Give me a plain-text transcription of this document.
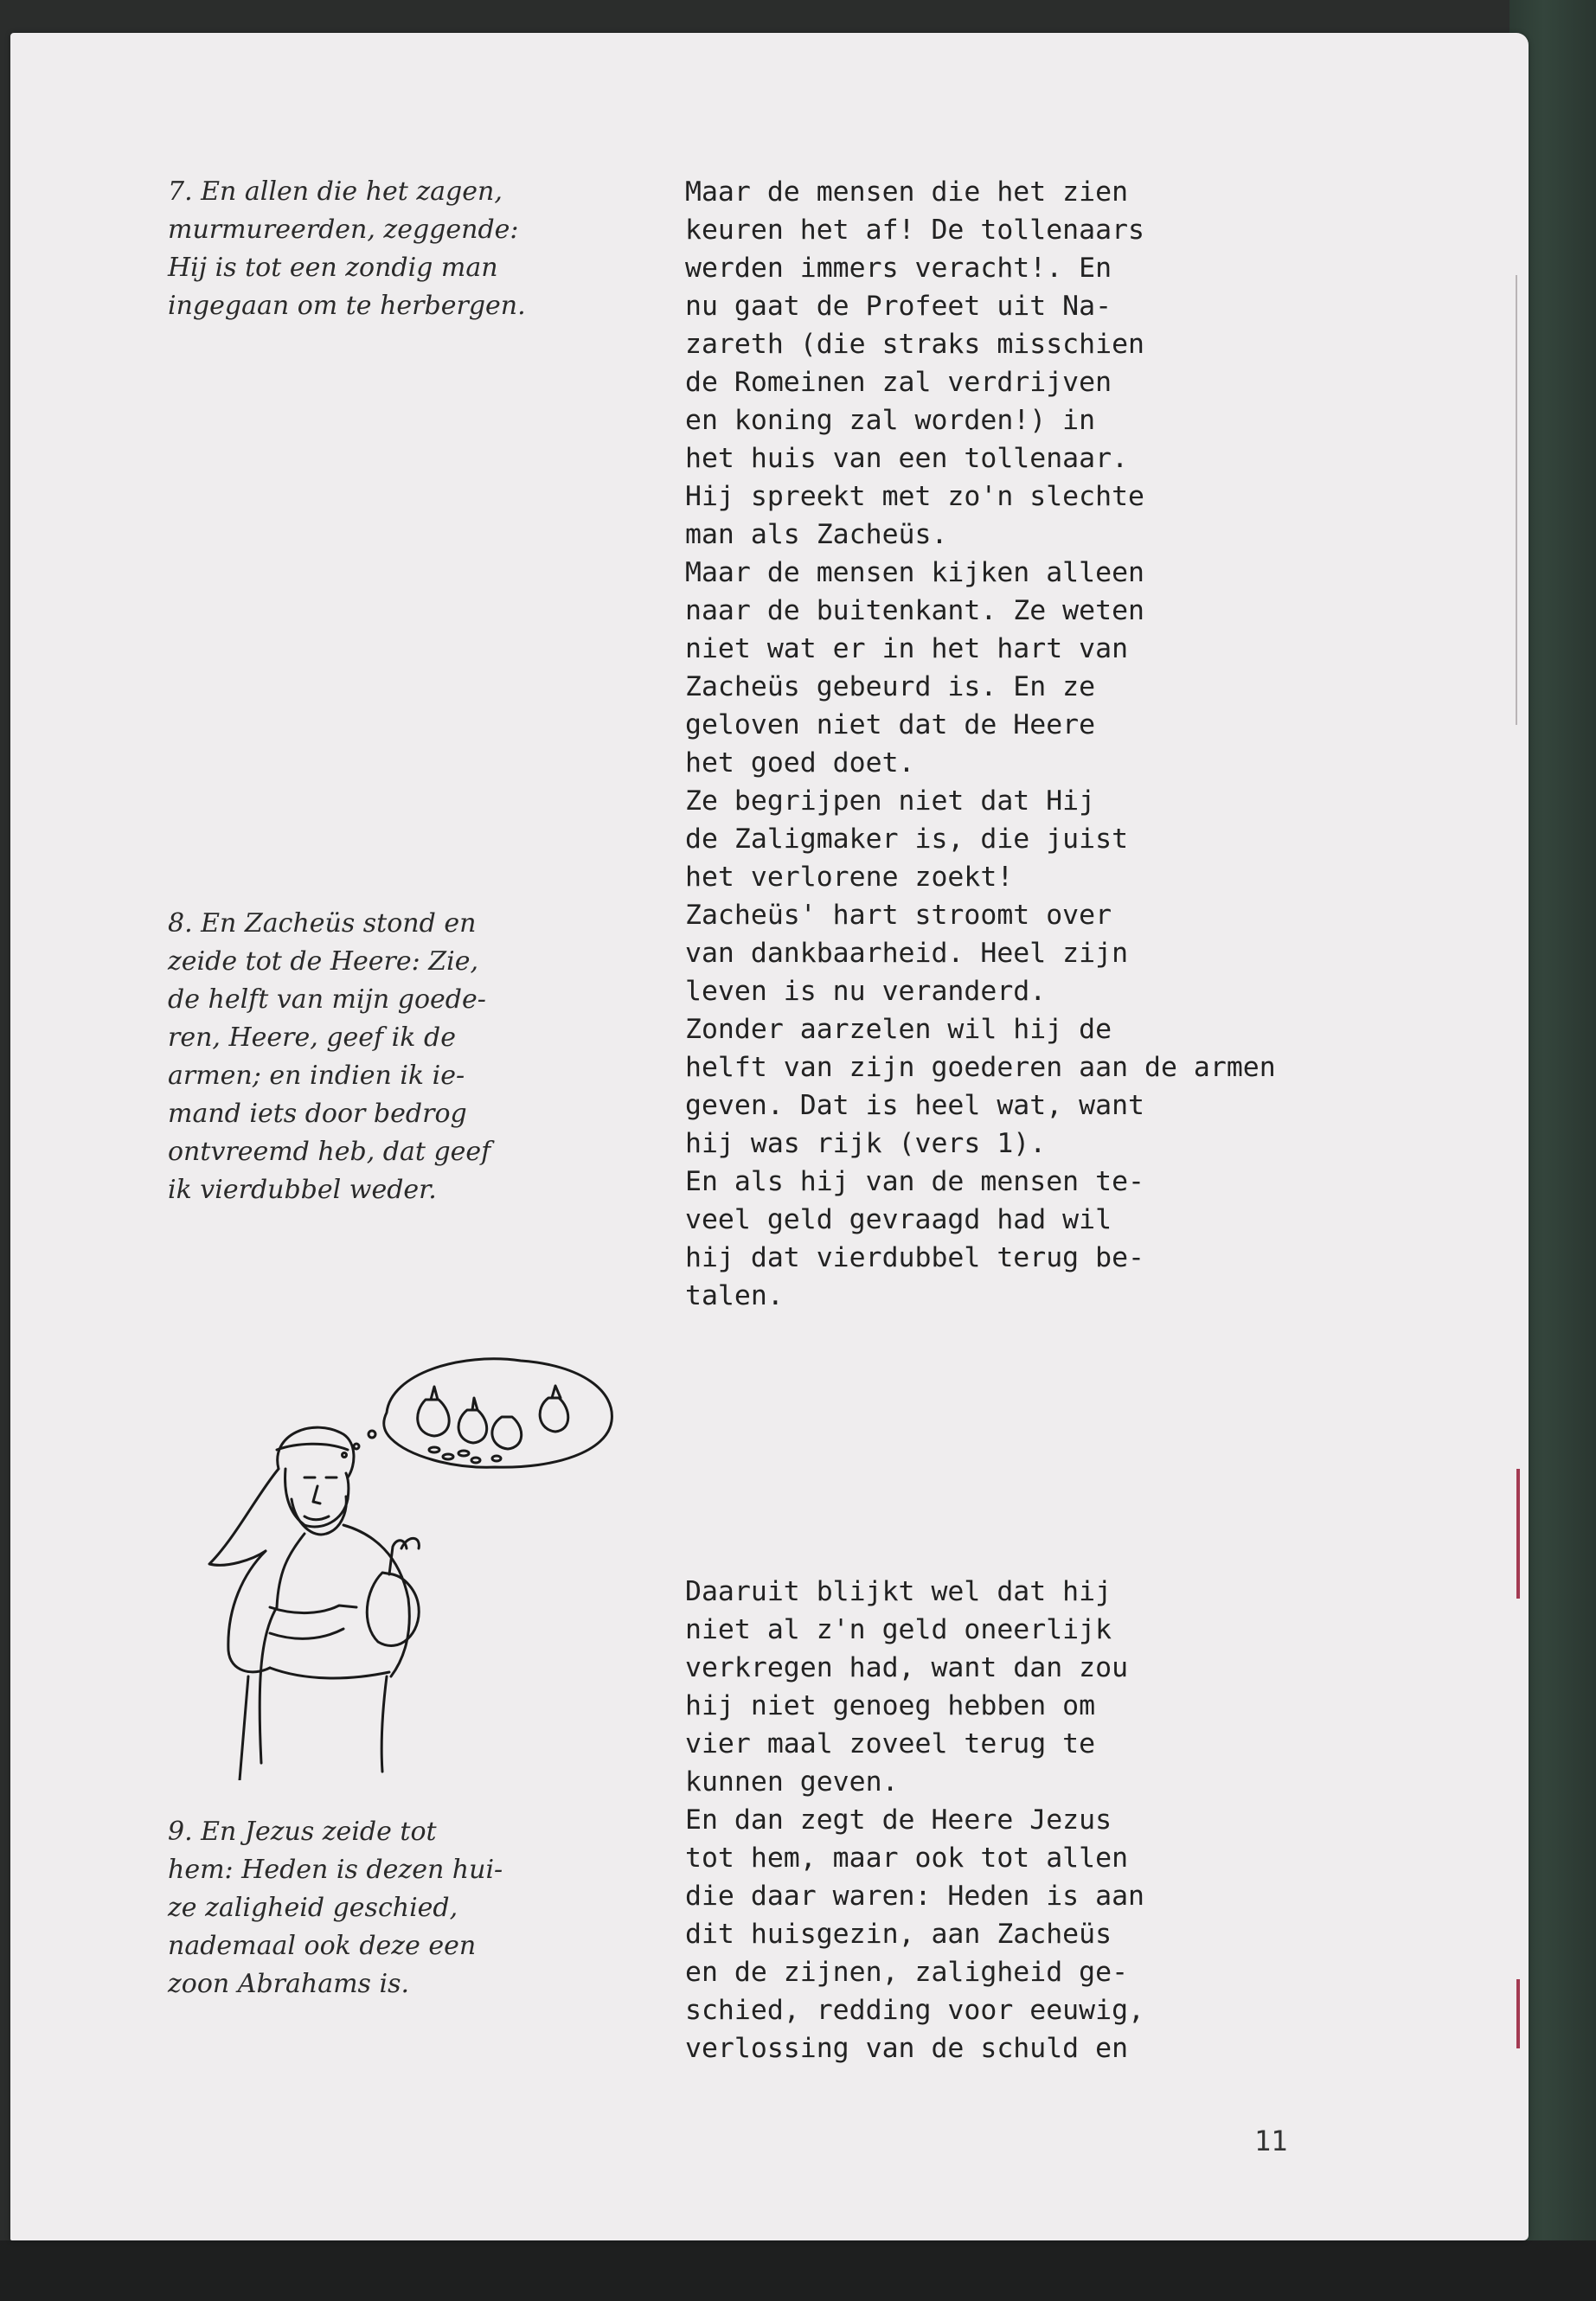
7. En allen die het zagen,
murmureerden, zeggende:
Hij is tot een zondig man
ingegaan om te herbergen.

8. En Zacheüs stond en
zeide tot de Heere: Zie,
de helft van mijn goede-
ren, Heere, geef ik de
armen; en indien ik ie-
mand iets door bedrog
ontvreemd heb, dat geef
ik vierdubbel weder.

9. En Jezus zeide tot
hem: Heden is dezen hui-
ze zaligheid geschied,
nademaal ook deze een
zoon Abrahams is.

Maar de mensen die het zien
keuren het af! De tollenaars
werden immers veracht!. En
nu gaat de Profeet uit Na-
zareth (die straks misschien
de Romeinen zal verdrijven
en koning zal worden!) in
het huis van een tollenaar.
Hij spreekt met zo'n slechte
man als Zacheüs.
Maar de mensen kijken alleen
naar de buitenkant. Ze weten
niet wat er in het hart van
Zacheüs gebeurd is. En ze
geloven niet dat de Heere
het goed doet.
Ze begrijpen niet dat Hij
de Zaligmaker is, die juist
het verlorene zoekt!
Zacheüs' hart stroomt over
van dankbaarheid. Heel zijn
leven is nu veranderd.
Zonder aarzelen wil hij de
helft van zijn goederen aan de armen
geven. Dat is heel wat, want
hij was rijk (vers 1).
En als hij van de mensen te-
veel geld gevraagd had wil
hij dat vierdubbel terug be-
talen.

Daaruit blijkt wel dat hij
niet al z'n geld oneerlijk
verkregen had, want dan zou
hij niet genoeg hebben om
vier maal zoveel terug te
kunnen geven.
En dan zegt de Heere Jezus
tot hem, maar ook tot allen
die daar waren: Heden is aan
dit huisgezin, aan Zacheüs
en de zijnen, zaligheid ge-
schied, redding voor eeuwig,
verlossing van de schuld en

11
